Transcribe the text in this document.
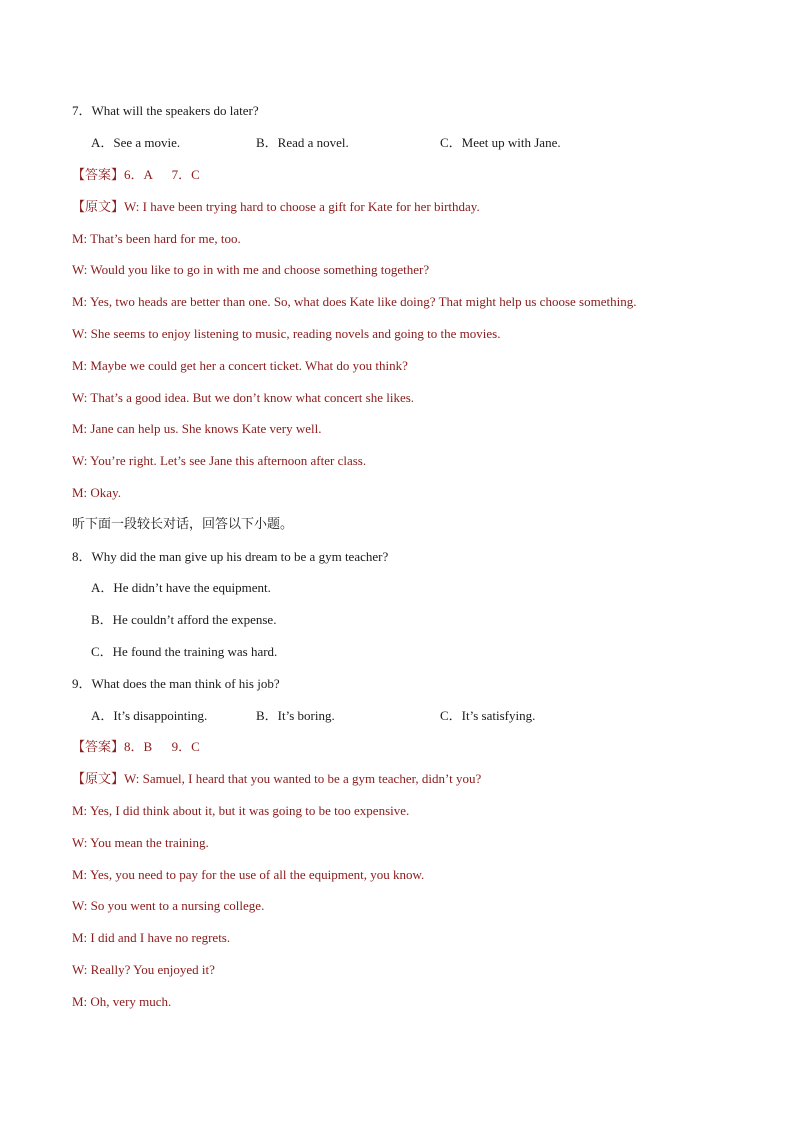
7．What will the speakers do later?
A．See a movie.	B．Read a novel.	C．Meet up with Jane.
【答案】6．A      7．C
【原文】W: I have been trying hard to choose a gift for Kate for her birthday.
M: That’s been hard for me, too.
W: Would you like to go in with me and choose something together?
M: Yes, two heads are better than one. So, what does Kate like doing? That might help us choose something.
W: She seems to enjoy listening to music, reading novels and going to the movies.
M: Maybe we could get her a concert ticket. What do you think?
W: That’s a good idea. But we don’t know what concert she likes.
M: Jane can help us. She knows Kate very well.
W: You’re right. Let’s see Jane this afternoon after class.
M: Okay.
听下面一段较长对话，回答以下小题。
8．Why did the man give up his dream to be a gym teacher?
A．He didn’t have the equipment.
B．He couldn’t afford the expense.
C．He found the training was hard.
9．What does the man think of his job?
A．It’s disappointing.	B．It’s boring.	C．It’s satisfying.
【答案】8．B      9．C
【原文】W: Samuel, I heard that you wanted to be a gym teacher, didn’t you?
M: Yes, I did think about it, but it was going to be too expensive.
W: You mean the training.
M: Yes, you need to pay for the use of all the equipment, you know.
W: So you went to a nursing college.
M: I did and I have no regrets.
W: Really? You enjoyed it?
M: Oh, very much.
